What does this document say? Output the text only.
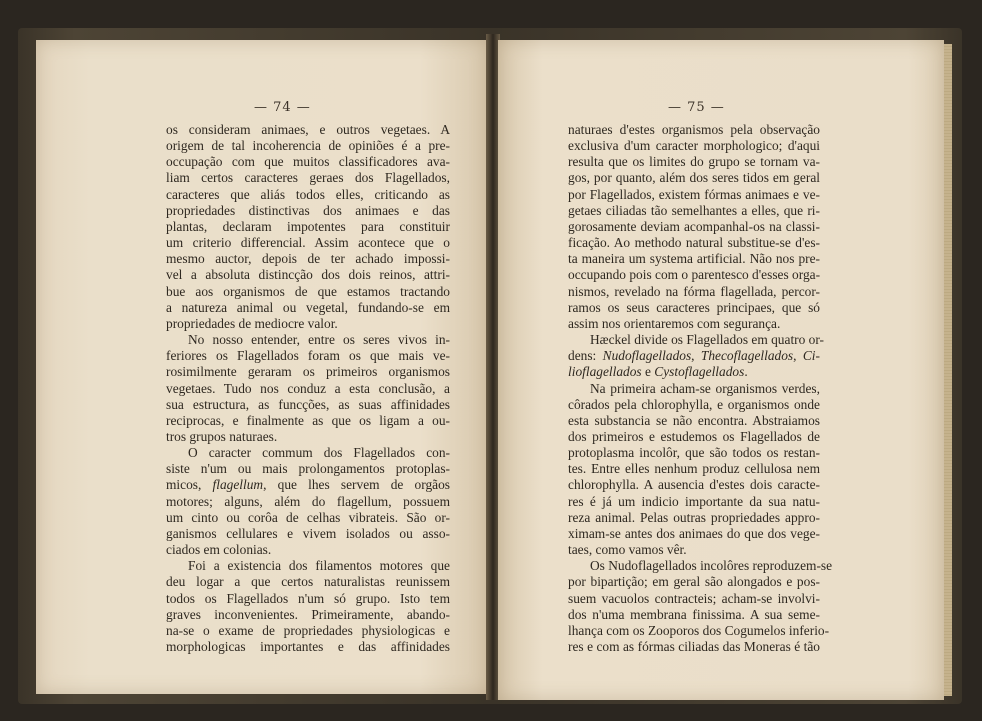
— 74 —
os consideram animaes, e outros vegetaes. A
origem de tal incoherencia de opiniões é a pre-
occupação com que muitos classificadores ava-
liam certos caracteres geraes dos Flagellados,
caracteres que aliás todos elles, criticando as
propriedades distinctivas dos animaes e das
plantas, declaram impotentes para constituir
um criterio differencial. Assim acontece que o
mesmo auctor, depois de ter achado impossi-
vel a absoluta distincção dos dois reinos, attri-
bue aos organismos de que estamos tractando
a natureza animal ou vegetal, fundando-se em
propriedades de mediocre valor.
No nosso entender, entre os seres vivos in-
feriores os Flagellados foram os que mais ve-
rosimilmente geraram os primeiros organismos
vegetaes. Tudo nos conduz a esta conclusão, a
sua estructura, as funcções, as suas affinidades
reciprocas, e finalmente as que os ligam a ou-
tros grupos naturaes.
O caracter commum dos Flagellados con-
siste n'um ou mais prolongamentos protoplas-
micos, flagellum, que lhes servem de orgãos
motores; alguns, além do flagellum, possuem
um cinto ou corôa de celhas vibrateis. São or-
ganismos cellulares e vivem isolados ou asso-
ciados em colonias.
Foi a existencia dos filamentos motores que
deu logar a que certos naturalistas reunissem
todos os Flagellados n'um só grupo. Isto tem
graves inconvenientes. Primeiramente, abando-
na-se o exame de propriedades physiologicas e
morphologicas importantes e das affinidades
— 75 —
naturaes d'estes organismos pela observação
exclusiva d'um caracter morphologico; d'aqui
resulta que os limites do grupo se tornam va-
gos, por quanto, além dos seres tidos em geral
por Flagellados, existem fórmas animaes e ve-
getaes ciliadas tão semelhantes a elles, que ri-
gorosamente deviam acompanhal-os na classi-
ficação. Ao methodo natural substitue-se d'es-
ta maneira um systema artificial. Não nos pre-
occupando pois com o parentesco d'esses orga-
nismos, revelado na fórma flagellada, percor-
ramos os seus caracteres principaes, que só
assim nos orientaremos com segurança.
Hæckel divide os Flagellados em quatro or-
dens: Nudoflagellados, Thecoflagellados, Ci-
lioflagellados e Cystoflagellados.
Na primeira acham-se organismos verdes,
côrados pela chlorophylla, e organismos onde
esta substancia se não encontra. Abstraiamos
dos primeiros e estudemos os Flagellados de
protoplasma incolôr, que são todos os restan-
tes. Entre elles nenhum produz cellulosa nem
chlorophylla. A ausencia d'estes dois caracte-
res é já um indicio importante da sua natu-
reza animal. Pelas outras propriedades appro-
ximam-se antes dos animaes do que dos vege-
taes, como vamos vêr.
Os Nudoflagellados incolôres reproduzem-se
por bipartição; em geral são alongados e pos-
suem vacuolos contracteis; acham-se involvi-
dos n'uma membrana finissima. A sua seme-
lhança com os Zooporos dos Cogumelos inferio-
res e com as fórmas ciliadas das Moneras é tão
